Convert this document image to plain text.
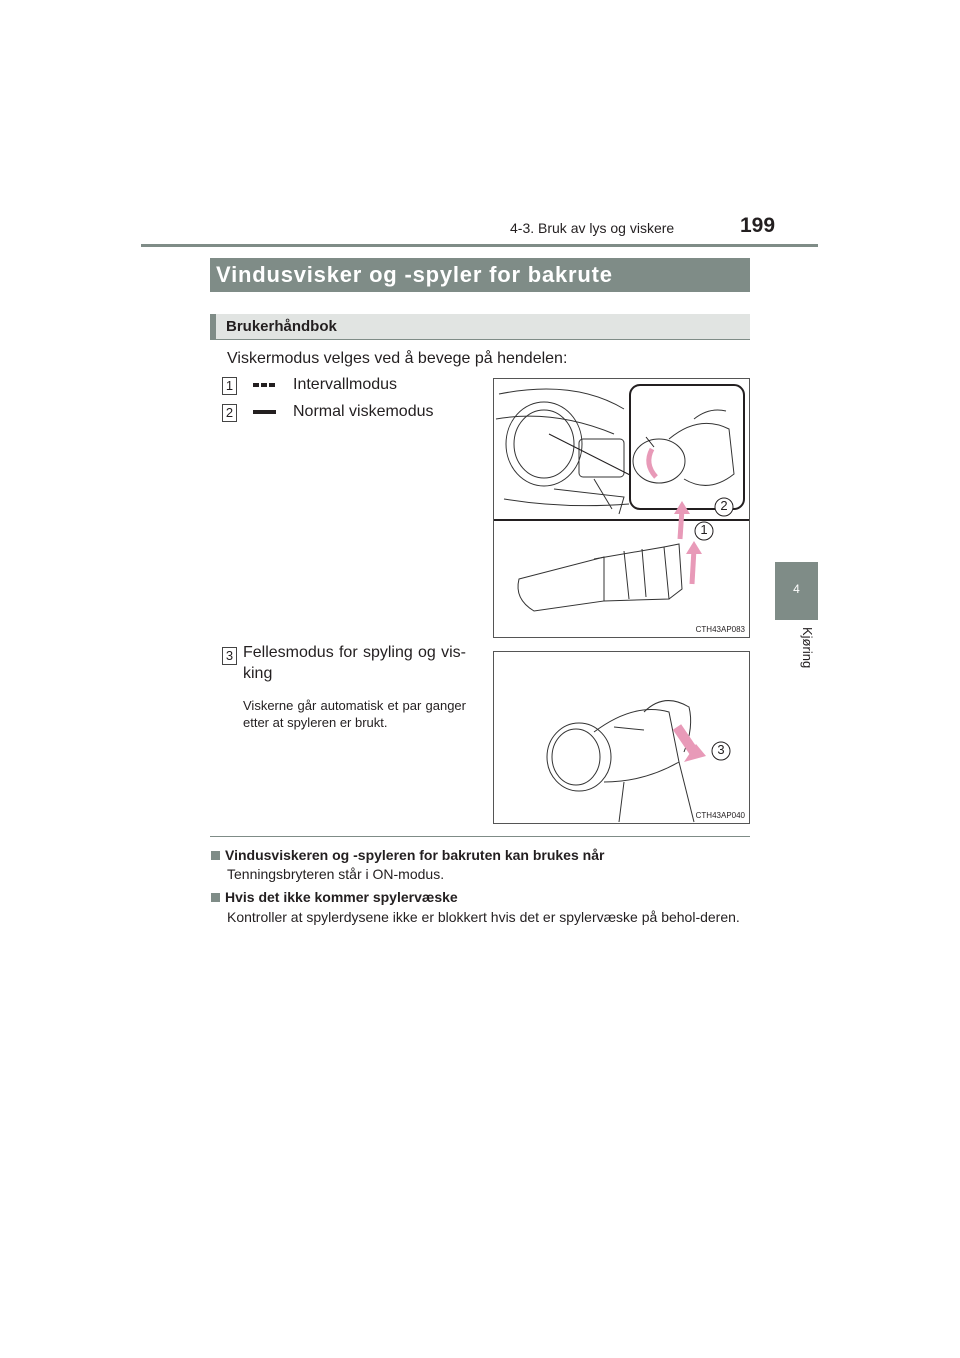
4-3. Bruk av lys og viskere	199
4
Kjøring
Vindusvisker og -spyler for bakrute
Brukerhåndbok
Viskermodus velges ved å bevege på hendelen:
1	Intervallmodus
2	Normal viskemodus
1
2
CTH43AP083
3 Fellesmodus for spyling og vis-king
Viskerne går automatisk et par ganger etter at spyleren er brukt.
3
CTH43AP040
Vindusviskeren og -spyleren for bakruten kan brukes når
Tenningsbryteren står i ON-modus.
Hvis det ikke kommer spylervæske
Kontroller at spylerdysene ikke er blokkert hvis det er spylervæske på behol-deren.
